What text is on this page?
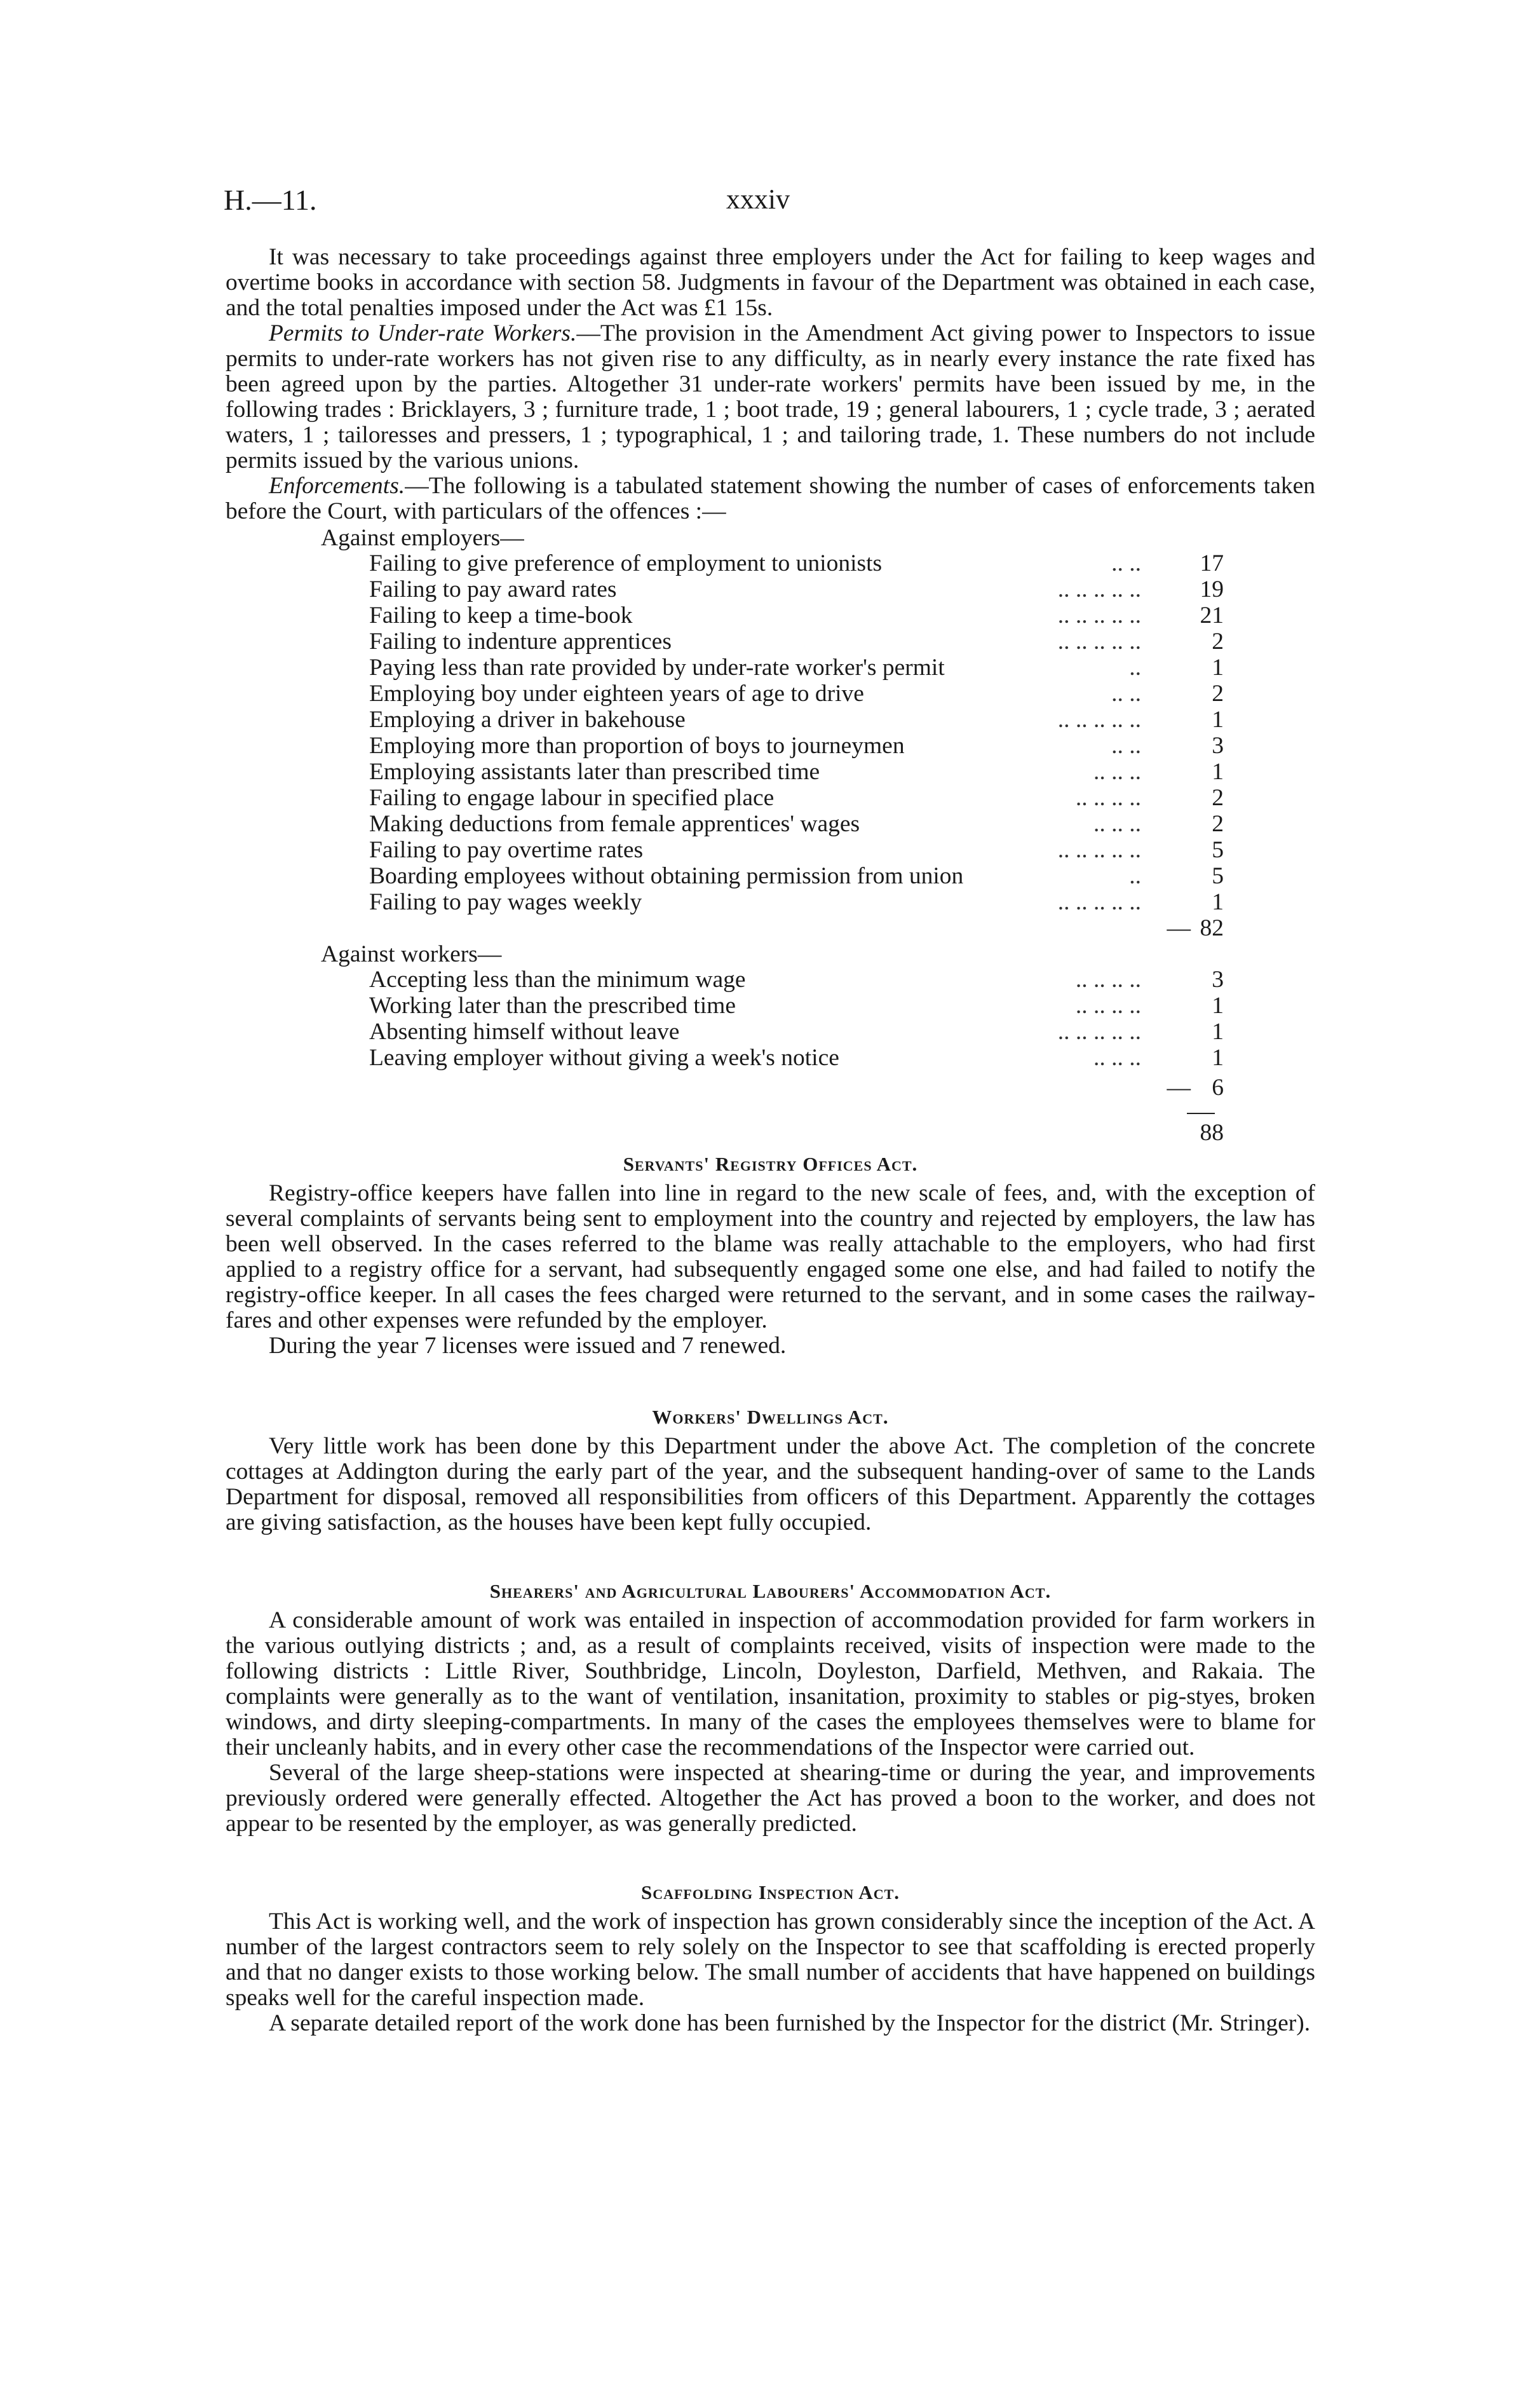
H.—11.	xxxiv

It was necessary to take proceedings against three employers under the Act for failing to keep wages and overtime books in accordance with section 58. Judgments in favour of the Department was obtained in each case, and the total penalties imposed under the Act was £1 15s.

Permits to Under-rate Workers.—The provision in the Amendment Act giving power to Inspectors to issue permits to under-rate workers has not given rise to any difficulty, as in nearly every instance the rate fixed has been agreed upon by the parties. Altogether 31 under-rate workers' permits have been issued by me, in the following trades : Bricklayers, 3 ; furniture trade, 1 ; boot trade, 19 ; general labourers, 1 ; cycle trade, 3 ; aerated waters, 1 ; tailoresses and pressers, 1 ; typographical, 1 ; and tailoring trade, 1. These numbers do not include permits issued by the various unions.

Enforcements.—The following is a tabulated statement showing the number of cases of enforcements taken before the Court, with particulars of the offences :—

Against employers—
Failing to give preference of employment to unionists	.. ..	17
Failing to pay award rates	.. .. .. .. ..	19
Failing to keep a time-book	.. .. .. .. ..	21
Failing to indenture apprentices	.. .. .. .. ..	2
Paying less than rate provided by under-rate worker's permit	..	1
Employing boy under eighteen years of age to drive	.. ..	2
Employing a driver in bakehouse	.. .. .. .. ..	1
Employing more than proportion of boys to journeymen	.. ..	3
Employing assistants later than prescribed time	.. .. ..	1
Failing to engage labour in specified place	.. .. .. ..	2
Making deductions from female apprentices' wages	.. .. ..	2
Failing to pay overtime rates	.. .. .. .. ..	5
Boarding employees without obtaining permission from union	..	5
Failing to pay wages weekly	.. .. .. .. ..	1
— 82
Against workers—
Accepting less than the minimum wage	.. .. .. ..	3
Working later than the prescribed time	.. .. .. ..	1
Absenting himself without leave	.. .. .. .. ..	1
Leaving employer without giving a week's notice	.. .. ..	1
— 6
88
Servants' Registry Offices Act.

Registry-office keepers have fallen into line in regard to the new scale of fees, and, with the exception of several complaints of servants being sent to employment into the country and rejected by employers, the law has been well observed. In the cases referred to the blame was really attachable to the employers, who had first applied to a registry office for a servant, had subsequently engaged some one else, and had failed to notify the registry-office keeper. In all cases the fees charged were returned to the servant, and in some cases the railway-fares and other expenses were refunded by the employer.

During the year 7 licenses were issued and 7 renewed.

Workers' Dwellings Act.

Very little work has been done by this Department under the above Act. The completion of the concrete cottages at Addington during the early part of the year, and the subsequent handing-over of same to the Lands Department for disposal, removed all responsibilities from officers of this Department. Apparently the cottages are giving satisfaction, as the houses have been kept fully occupied.

Shearers' and Agricultural Labourers' Accommodation Act.

A considerable amount of work was entailed in inspection of accommodation provided for farm workers in the various outlying districts ; and, as a result of complaints received, visits of inspection were made to the following districts : Little River, Southbridge, Lincoln, Doyleston, Darfield, Methven, and Rakaia. The complaints were generally as to the want of ventilation, insanitation, proximity to stables or pig-styes, broken windows, and dirty sleeping-compartments. In many of the cases the employees themselves were to blame for their uncleanly habits, and in every other case the recommendations of the Inspector were carried out.

Several of the large sheep-stations were inspected at shearing-time or during the year, and improvements previously ordered were generally effected. Altogether the Act has proved a boon to the worker, and does not appear to be resented by the employer, as was generally predicted.

Scaffolding Inspection Act.

This Act is working well, and the work of inspection has grown considerably since the inception of the Act. A number of the largest contractors seem to rely solely on the Inspector to see that scaffolding is erected properly and that no danger exists to those working below. The small number of accidents that have happened on buildings speaks well for the careful inspection made.

A separate detailed report of the work done has been furnished by the Inspector for the district (Mr. Stringer).
